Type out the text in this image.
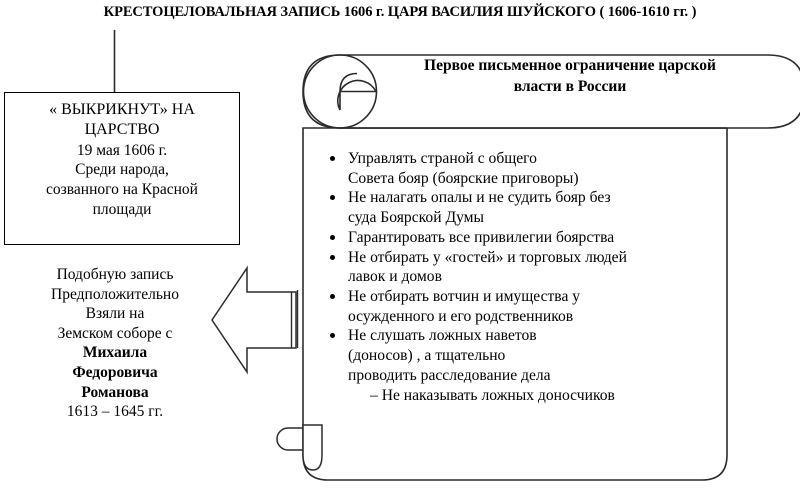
КРЕСТОЦЕЛОВАЛЬНАЯ ЗАПИСЬ 1606 г. ЦАРЯ ВАСИЛИЯ ШУЙСКОГО ( 1606-1610 гг. )
« ВЫКРИКНУТ» НА
ЦАРСТВО
19 мая 1606 г.
Среди народа,
созванного на Красной
площади
Подобную запись
Предположительно
Взяли на
Земском соборе с
Михаила
Федоровича
Романова
1613 – 1645 гг.
Первое письменное ограничение царской
власти в России
Управлять страной с общего
Совета бояр (боярские приговоры)
Не налагать опалы и не судить бояр без
суда Боярской Думы
Гарантировать все привилегии боярства
Не отбирать у «гостей» и торговых людей
лавок и домов
Не отбирать вотчин и имущества у
осужденного и его родственников
Не слушать ложных наветов
(доносов) , а тщательно
проводить расследование дела
– Не наказывать ложных доносчиков
